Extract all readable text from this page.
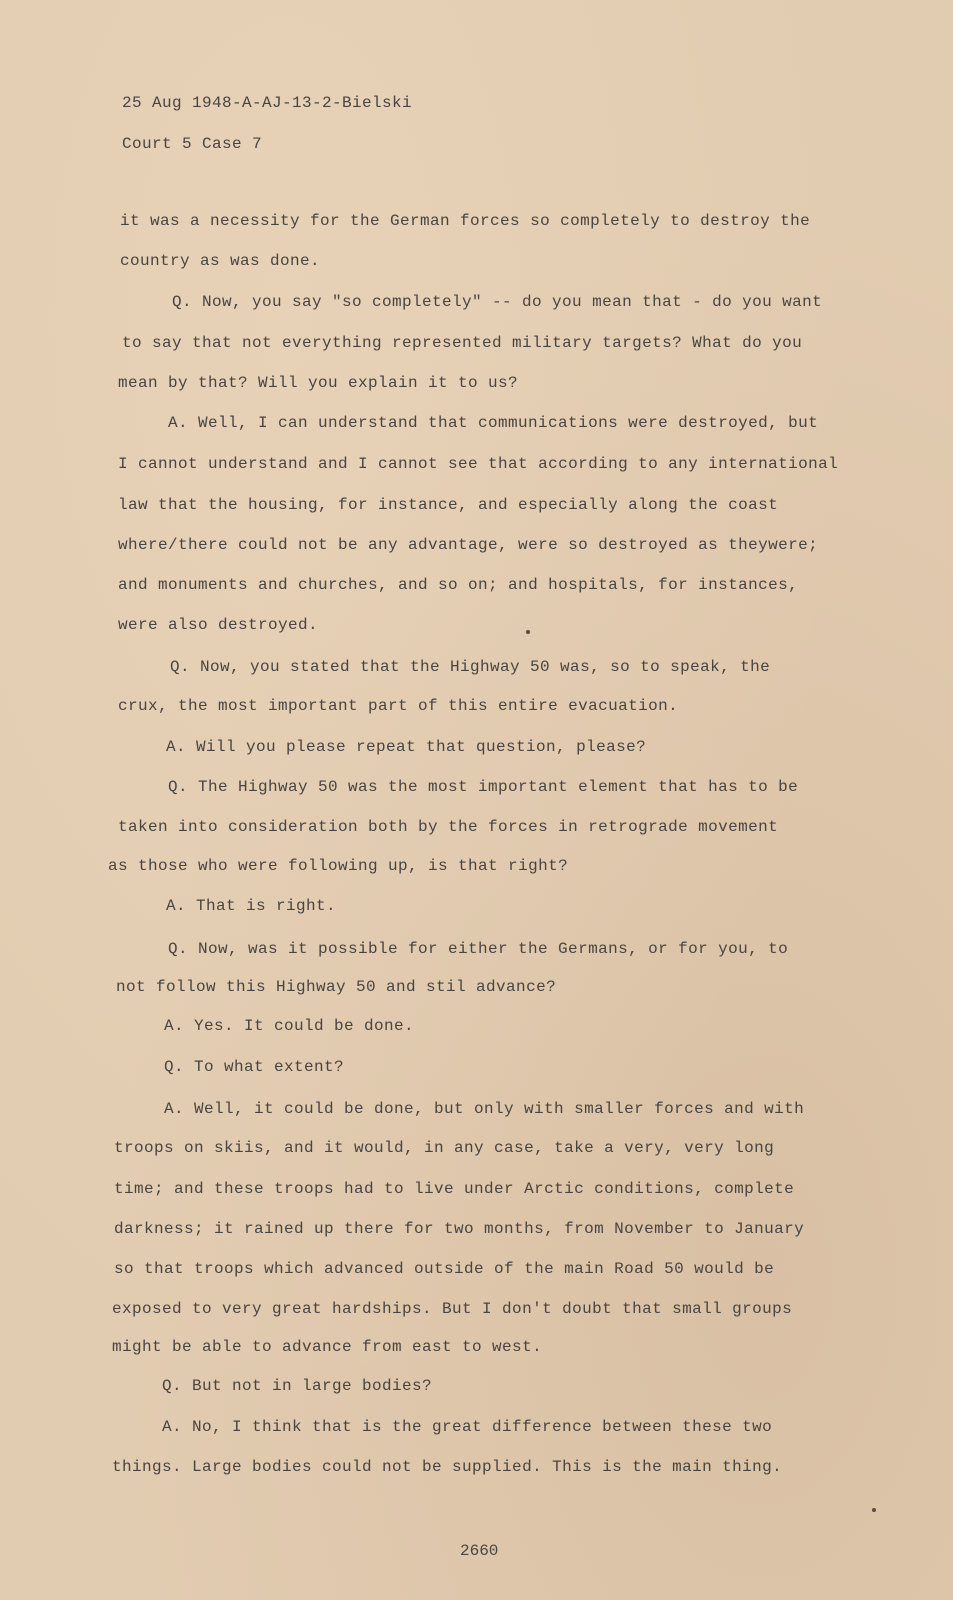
25 Aug 1948-A-AJ-13-2-Bielski

Court 5 Case 7

it was a necessity for the German forces so completely to destroy the
country as was done.
Q. Now, you say "so completely" -- do you mean that - do you want
to say that not everything represented military targets? What do you
mean by that? Will you explain it to us?
A. Well, I can understand that communications were destroyed, but
I cannot understand and I cannot see that according to any international
law that the housing, for instance, and especially along the coast
where/there could not be any advantage, were so destroyed as theywere;
and monuments and churches, and so on; and hospitals, for instances,
were also destroyed.
Q. Now, you stated that the Highway 50 was, so to speak, the
crux, the most important part of this entire evacuation.
A. Will you please repeat that question, please?
Q. The Highway 50 was the most important element that has to be
taken into consideration both by the forces in retrograde movement
as those who were following up, is that right?
A. That is right.
Q. Now, was it possible for either the Germans, or for you, to
not follow this Highway 50 and stil advance?
A. Yes. It could be done.
Q. To what extent?
A. Well, it could be done, but only with smaller forces and with
troops on skiis, and it would, in any case, take a very, very long
time; and these troops had to live under Arctic conditions, complete
darkness; it rained up there for two months, from November to January
so that troops which advanced outside of the main Road 50 would be
exposed to very great hardships. But I don't doubt that small groups
might be able to advance from east to west.
Q. But not in large bodies?
A. No, I think that is the great difference between these two
things. Large bodies could not be supplied. This is the main thing.
2660
